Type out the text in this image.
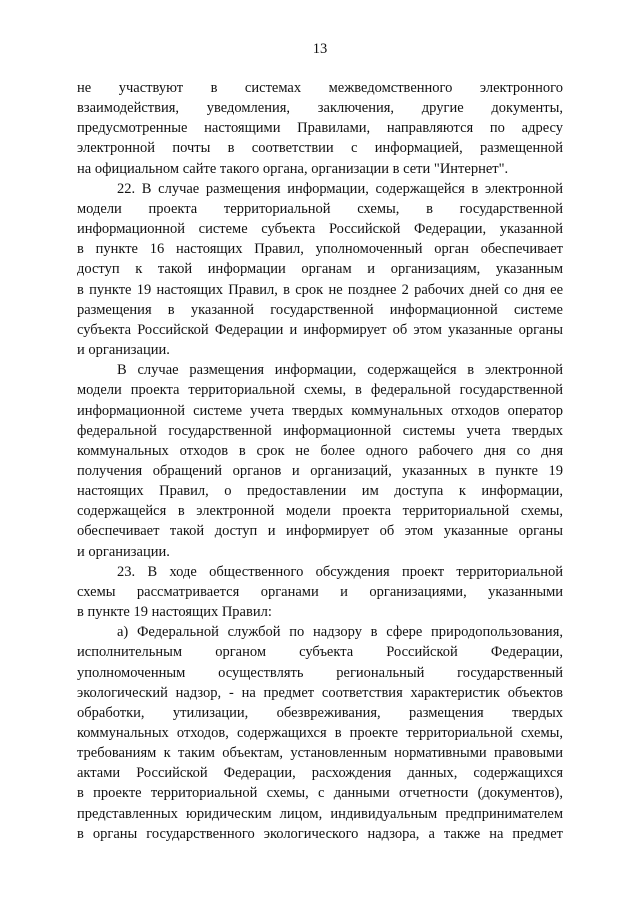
13

не участвуют в системах межведомственного электронного

взаимодействия, уведомления, заключения, другие документы,

предусмотренные настоящими Правилами, направляются по адресу

электронной почты в соответствии с информацией, размещенной

на официальном сайте такого органа, организации в сети "Интернет".

22. В случае размещения информации, содержащейся в электронной

модели проекта территориальной схемы, в государственной

информационной системе субъекта Российской Федерации, указанной

в пункте 16 настоящих Правил, уполномоченный орган обеспечивает

доступ к такой информации органам и организациям, указанным

в пункте 19 настоящих Правил, в срок не позднее 2 рабочих дней со дня ее

размещения в указанной государственной информационной системе

субъекта Российской Федерации и информирует об этом указанные органы

и организации.

В случае размещения информации, содержащейся в электронной

модели проекта территориальной схемы, в федеральной государственной

информационной системе учета твердых коммунальных отходов оператор

федеральной государственной информационной системы учета твердых

коммунальных отходов в срок не более одного рабочего дня со дня

получения обращений органов и организаций, указанных в пункте 19

настоящих Правил, о предоставлении им доступа к информации,

содержащейся в электронной модели проекта территориальной схемы,

обеспечивает такой доступ и информирует об этом указанные органы

и организации.

23. В ходе общественного обсуждения проект территориальной

схемы рассматривается органами и организациями, указанными

в пункте 19 настоящих Правил:

а) Федеральной службой по надзору в сфере природопользования,

исполнительным органом субъекта Российской Федерации,

уполномоченным осуществлять региональный государственный

экологический надзор, - на предмет соответствия характеристик объектов

обработки, утилизации, обезвреживания, размещения твердых

коммунальных отходов, содержащихся в проекте территориальной схемы,

требованиям к таким объектам, установленным нормативными правовыми

актами Российской Федерации, расхождения данных, содержащихся

в проекте территориальной схемы, с данными отчетности (документов),

представленных юридическим лицом, индивидуальным предпринимателем

в органы государственного экологического надзора, а также на предмет
